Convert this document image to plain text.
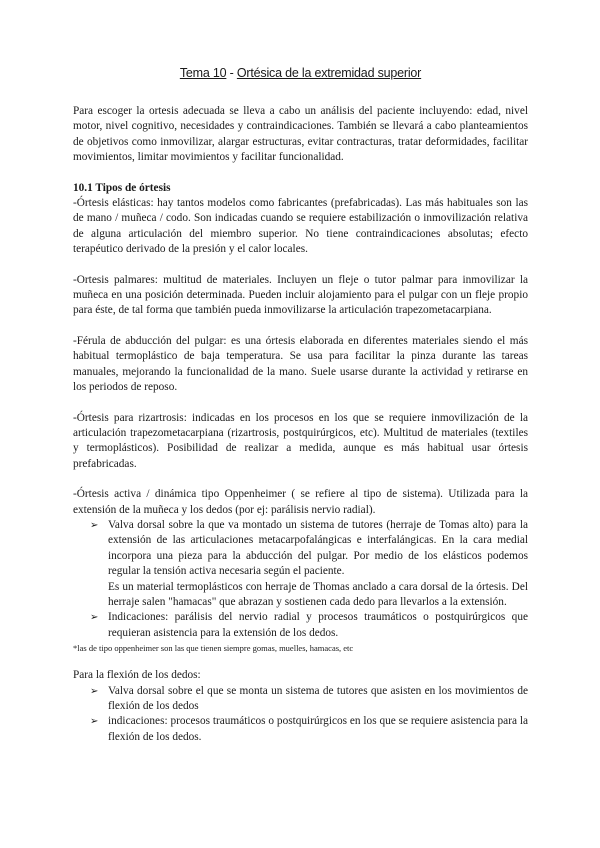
Tema 10 - Ortésica de la extremidad superior

Para escoger la ortesis adecuada se lleva a cabo un análisis del paciente incluyendo: edad, nivel motor, nivel cognitivo, necesidades y contraindicaciones. También se llevará a cabo planteamientos de objetivos como inmovilizar, alargar estructuras, evitar contracturas, tratar deformidades, facilitar movimientos, limitar movimientos y facilitar funcionalidad.

10.1 Tipos de órtesis

-Órtesis elásticas: hay tantos modelos como fabricantes (prefabricadas). Las más habituales son las de mano / muñeca / codo. Son indicadas cuando se requiere estabilización o inmovilización relativa de alguna articulación del miembro superior. No tiene contraindicaciones absolutas; efecto terapéutico derivado de la presión y el calor locales.

-Ortesis palmares: multitud de materiales. Incluyen un fleje o tutor palmar para inmovilizar la muñeca en una posición determinada. Pueden incluir alojamiento para el pulgar con un fleje propio para éste, de tal forma que también pueda inmovilizarse la articulación trapezometacarpiana.

-Férula de abducción del pulgar: es una órtesis elaborada en diferentes materiales siendo el más habitual termoplástico de baja temperatura. Se usa para facilitar la pinza durante las tareas manuales, mejorando la funcionalidad de la mano. Suele usarse durante la actividad y retirarse en los periodos de reposo.

-Órtesis para rizartrosis: indicadas en los procesos en los que se requiere inmovilización de la articulación trapezometacarpiana (rizartrosis, postquirúrgicos, etc). Multitud de materiales (textiles y termoplásticos). Posibilidad de realizar a medida, aunque es más habitual usar órtesis prefabricadas.

-Órtesis activa / dinámica tipo Oppenheimer ( se refiere al tipo de sistema). Utilizada para la extensión de la muñeca y los dedos (por ej: parálisis nervio radial).

➢ Valva dorsal sobre la que va montado un sistema de tutores (herraje de Tomas alto) para la extensión de las articulaciones metacarpofalángicas e interfalángicas. En la cara medial incorpora una pieza para la abducción del pulgar. Por medio de los elásticos podemos regular la tensión activa necesaria según el paciente.
Es un material termoplásticos con herraje de Thomas anclado a cara dorsal de la órtesis. Del herraje salen "hamacas" que abrazan y sostienen cada dedo para llevarlos a la extensión.
➢ Indicaciones: parálisis del nervio radial y procesos traumáticos o postquirúrgicos que requieran asistencia para la extensión de los dedos.
*las de tipo oppenheimer son las que tienen siempre gomas, muelles, hamacas, etc

Para la flexión de los dedos:

➢ Valva dorsal sobre el que se monta un sistema de tutores que asisten en los movimientos de flexión de los dedos
➢ indicaciones: procesos traumáticos o postquirúrgicos en los que se requiere asistencia para la flexión de los dedos.
